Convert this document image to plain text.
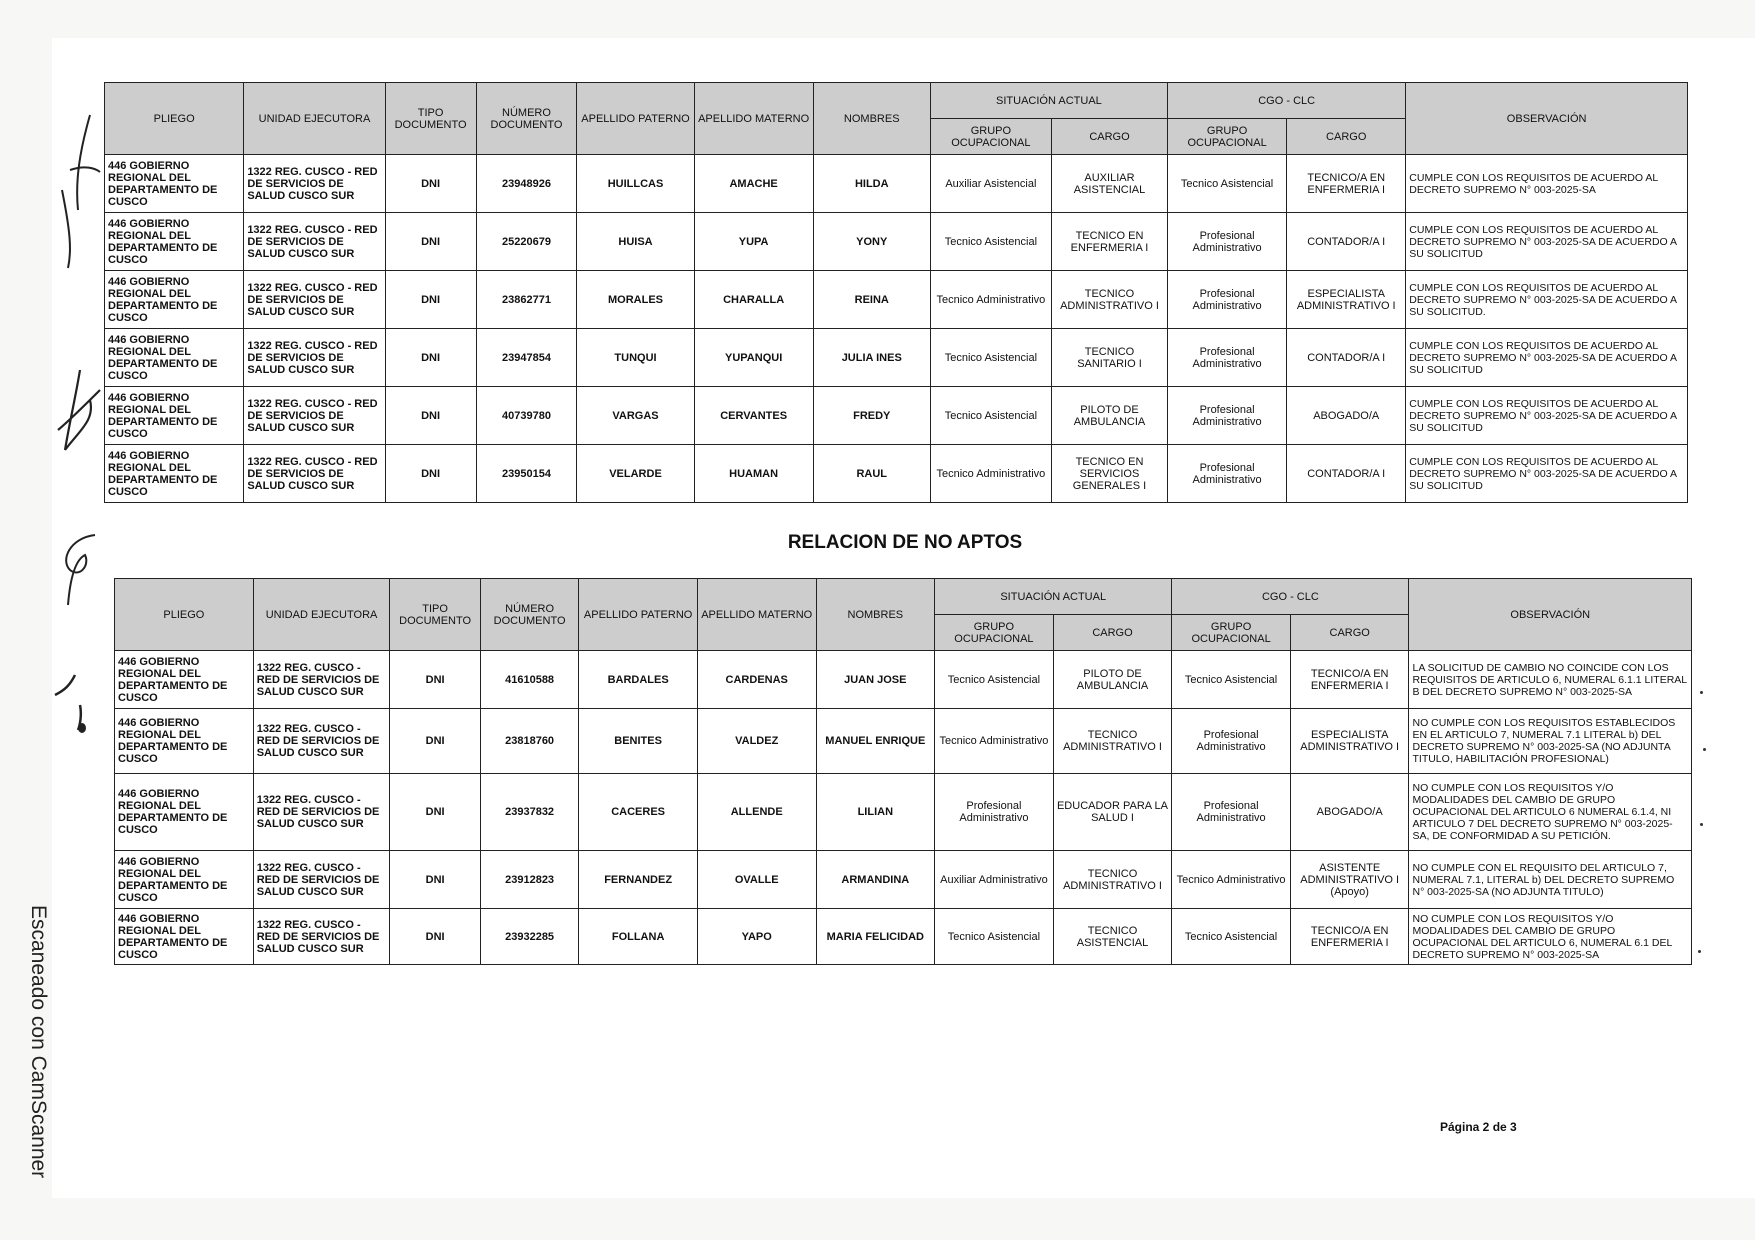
PLIEGO	UNIDAD EJECUTORA	TIPO DOCUMENTO	NÚMERO DOCUMENTO	APELLIDO PATERNO	APELLIDO MATERNO	NOMBRES	SITUACIÓN ACTUAL		CGO - CLC		OBSERVACIÓN
							GRUPO OCUPACIONAL	CARGO	GRUPO OCUPACIONAL	CARGO	
446 GOBIERNO REGIONAL DEL DEPARTAMENTO DE CUSCO	1322 REG. CUSCO - RED DE SERVICIOS DE SALUD CUSCO SUR	DNI	23948926	HUILLCAS	AMACHE	HILDA	Auxiliar Asistencial	AUXILIAR ASISTENCIAL	Tecnico Asistencial	TECNICO/A EN ENFERMERIA I	CUMPLE CON LOS REQUISITOS DE ACUERDO AL DECRETO SUPREMO N° 003-2025-SA
446 GOBIERNO REGIONAL DEL DEPARTAMENTO DE CUSCO	1322 REG. CUSCO - RED DE SERVICIOS DE SALUD CUSCO SUR	DNI	25220679	HUISA	YUPA	YONY	Tecnico Asistencial	TECNICO EN ENFERMERIA I	Profesional Administrativo	CONTADOR/A I	CUMPLE CON LOS REQUISITOS DE ACUERDO AL DECRETO SUPREMO N° 003-2025-SA DE ACUERDO A SU SOLICITUD
446 GOBIERNO REGIONAL DEL DEPARTAMENTO DE CUSCO	1322 REG. CUSCO - RED DE SERVICIOS DE SALUD CUSCO SUR	DNI	23862771	MORALES	CHARALLA	REINA	Tecnico Administrativo	TECNICO ADMINISTRATIVO I	Profesional Administrativo	ESPECIALISTA ADMINISTRATIVO I	CUMPLE CON LOS REQUISITOS DE ACUERDO AL DECRETO SUPREMO N° 003-2025-SA DE ACUERDO A SU SOLICITUD.
446 GOBIERNO REGIONAL DEL DEPARTAMENTO DE CUSCO	1322 REG. CUSCO - RED DE SERVICIOS DE SALUD CUSCO SUR	DNI	23947854	TUNQUI	YUPANQUI	JULIA INES	Tecnico Asistencial	TECNICO SANITARIO I	Profesional Administrativo	CONTADOR/A I	CUMPLE CON LOS REQUISITOS DE ACUERDO AL DECRETO SUPREMO N° 003-2025-SA DE ACUERDO A SU SOLICITUD
446 GOBIERNO REGIONAL DEL DEPARTAMENTO DE CUSCO	1322 REG. CUSCO - RED DE SERVICIOS DE SALUD CUSCO SUR	DNI	40739780	VARGAS	CERVANTES	FREDY	Tecnico Asistencial	PILOTO DE AMBULANCIA	Profesional Administrativo	ABOGADO/A	CUMPLE CON LOS REQUISITOS DE ACUERDO AL DECRETO SUPREMO N° 003-2025-SA DE ACUERDO A SU SOLICITUD
446 GOBIERNO REGIONAL DEL DEPARTAMENTO DE CUSCO	1322 REG. CUSCO - RED DE SERVICIOS DE SALUD CUSCO SUR	DNI	23950154	VELARDE	HUAMAN	RAUL	Tecnico Administrativo	TECNICO EN SERVICIOS GENERALES I	Profesional Administrativo	CONTADOR/A I	CUMPLE CON LOS REQUISITOS DE ACUERDO AL DECRETO SUPREMO N° 003-2025-SA DE ACUERDO A SU SOLICITUD
RELACION DE NO APTOS
PLIEGO	UNIDAD EJECUTORA	TIPO DOCUMENTO	NÚMERO DOCUMENTO	APELLIDO PATERNO	APELLIDO MATERNO	NOMBRES	SITUACIÓN ACTUAL		CGO - CLC		OBSERVACIÓN
							GRUPO OCUPACIONAL	CARGO	GRUPO OCUPACIONAL	CARGO	
446 GOBIERNO REGIONAL DEL DEPARTAMENTO DE CUSCO	1322 REG. CUSCO - RED DE SERVICIOS DE SALUD CUSCO SUR	DNI	41610588	BARDALES	CARDENAS	JUAN JOSE	Tecnico Asistencial	PILOTO DE AMBULANCIA	Tecnico Asistencial	TECNICO/A EN ENFERMERIA I	LA SOLICITUD DE CAMBIO NO COINCIDE CON LOS REQUISITOS DE ARTICULO 6, NUMERAL 6.1.1 LITERAL B DEL DECRETO SUPREMO N° 003-2025-SA
446 GOBIERNO REGIONAL DEL DEPARTAMENTO DE CUSCO	1322 REG. CUSCO - RED DE SERVICIOS DE SALUD CUSCO SUR	DNI	23818760	BENITES	VALDEZ	MANUEL ENRIQUE	Tecnico Administrativo	TECNICO ADMINISTRATIVO I	Profesional Administrativo	ESPECIALISTA ADMINISTRATIVO I	NO CUMPLE CON LOS REQUISITOS ESTABLECIDOS EN EL ARTICULO 7, NUMERAL 7.1 LITERAL b) DEL DECRETO SUPREMO N° 003-2025-SA (NO ADJUNTA TITULO, HABILITACIÓN PROFESIONAL)
446 GOBIERNO REGIONAL DEL DEPARTAMENTO DE CUSCO	1322 REG. CUSCO - RED DE SERVICIOS DE SALUD CUSCO SUR	DNI	23937832	CACERES	ALLENDE	LILIAN	Profesional Administrativo	EDUCADOR PARA LA SALUD I	Profesional Administrativo	ABOGADO/A	NO CUMPLE CON LOS REQUISITOS Y/O MODALIDADES DEL CAMBIO DE GRUPO OCUPACIONAL DEL ARTICULO 6 NUMERAL 6.1.4, NI ARTICULO 7 DEL DECRETO SUPREMO N° 003-2025-SA, DE CONFORMIDAD A SU PETICIÓN.
446 GOBIERNO REGIONAL DEL DEPARTAMENTO DE CUSCO	1322 REG. CUSCO - RED DE SERVICIOS DE SALUD CUSCO SUR	DNI	23912823	FERNANDEZ	OVALLE	ARMANDINA	Auxiliar Administrativo	TECNICO ADMINISTRATIVO I	Tecnico Administrativo	ASISTENTE ADMINISTRATIVO I (Apoyo)	NO CUMPLE CON EL REQUISITO DEL ARTICULO 7, NUMERAL 7.1, LITERAL b) DEL DECRETO SUPREMO N° 003-2025-SA (NO ADJUNTA TITULO)
446 GOBIERNO REGIONAL DEL DEPARTAMENTO DE CUSCO	1322 REG. CUSCO - RED DE SERVICIOS DE SALUD CUSCO SUR	DNI	23932285	FOLLANA	YAPO	MARIA FELICIDAD	Tecnico Asistencial	TECNICO ASISTENCIAL	Tecnico Asistencial	TECNICO/A EN ENFERMERIA I	NO CUMPLE CON LOS REQUISITOS Y/O MODALIDADES DEL CAMBIO DE GRUPO OCUPACIONAL DEL ARTICULO 6, NUMERAL 6.1 DEL DECRETO SUPREMO N° 003-2025-SA
Página 2 de 3
Escaneado con CamScanner
